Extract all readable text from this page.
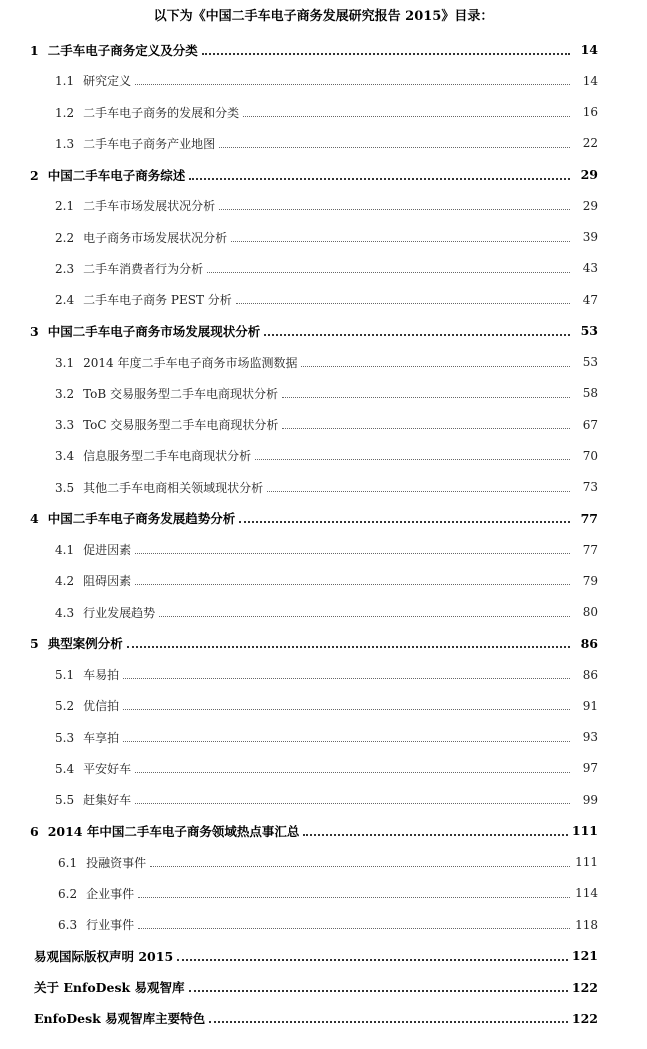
以下为《中国二手车电子商务发展研究报告 2015》目录：
1 二手车电子商务定义及分类	14
1.1 研究定义	14
1.2 二手车电子商务的发展和分类	16
1.3 二手车电子商务产业地图	22
2 中国二手车电子商务综述	29
2.1 二手车市场发展状况分析	29
2.2 电子商务市场发展状况分析	39
2.3 二手车消费者行为分析	43
2.4 二手车电子商务 PEST 分析	47
3 中国二手车电子商务市场发展现状分析	53
3.1 2014 年度二手车电子商务市场监测数据	53
3.2 ToB 交易服务型二手车电商现状分析	58
3.3 ToC 交易服务型二手车电商现状分析	67
3.4 信息服务型二手车电商现状分析	70
3.5 其他二手车电商相关领域现状分析	73
4 中国二手车电子商务发展趋势分析	77
4.1 促进因素	77
4.2 阻碍因素	79
4.3 行业发展趋势	80
5 典型案例分析	86
5.1 车易拍	86
5.2 优信拍	91
5.3 车享拍	93
5.4 平安好车	97
5.5 赶集好车	99
6 2014 年中国二手车电子商务领域热点事汇总	111
6.1 投融资事件	111
6.2 企业事件	114
6.3 行业事件	118
易观国际版权声明 2015	121
关于 EnfoDesk 易观智库	122
EnfoDesk 易观智库主要特色	122
